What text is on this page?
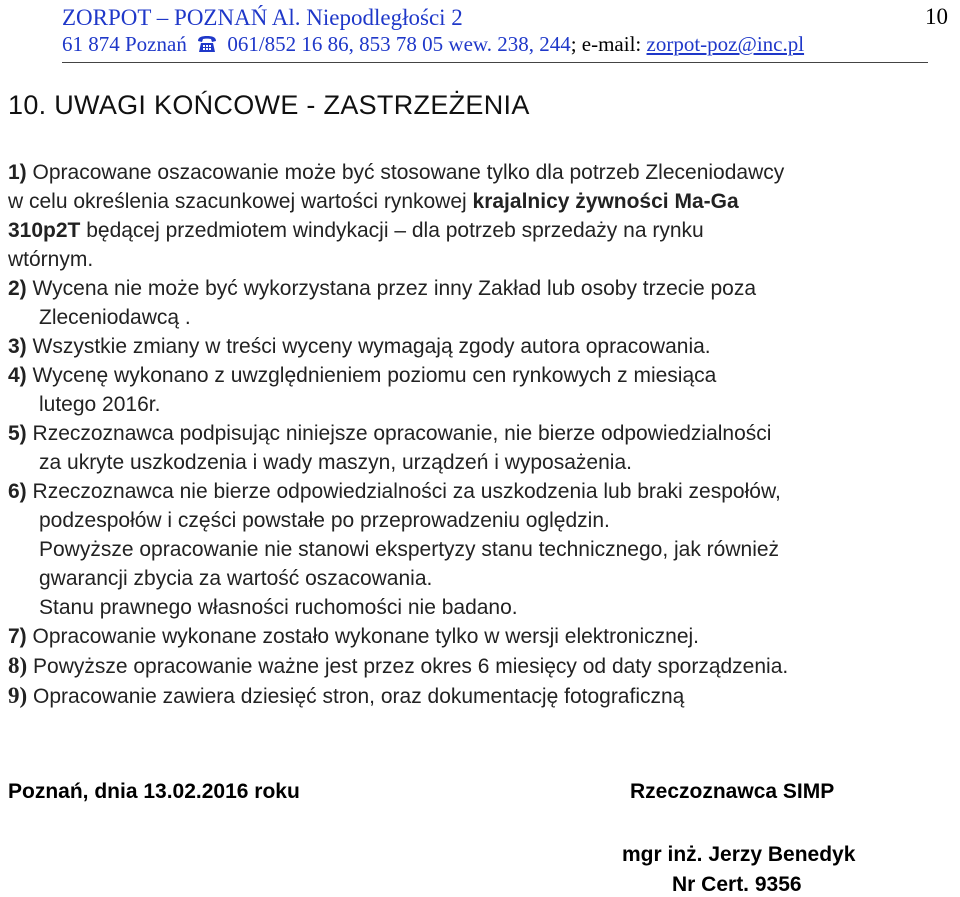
ZORPOT – POZNAŃ Al. Niepodległości 2
61 874 Poznań 061/852 16 86, 853 78 05 wew. 238, 244; e-mail: zorpot-poz@inc.pl
10
10. UWAGI KOŃCOWE - ZASTRZEŻENIA
1) Opracowane oszacowanie może być stosowane tylko dla potrzeb Zleceniodawcy
w celu określenia szacunkowej wartości rynkowej krajalnicy żywności Ma-Ga
310p2T będącej przedmiotem windykacji – dla potrzeb sprzedaży na rynku
wtórnym.
2) Wycena nie może być wykorzystana przez inny Zakład lub osoby trzecie poza
Zleceniodawcą .
3) Wszystkie zmiany w treści wyceny wymagają zgody autora opracowania.
4) Wycenę wykonano z uwzględnieniem poziomu cen rynkowych z miesiąca
lutego 2016r.
5) Rzeczoznawca podpisując niniejsze opracowanie, nie bierze odpowiedzialności
za ukryte uszkodzenia i wady maszyn, urządzeń i wyposażenia.
6) Rzeczoznawca nie bierze odpowiedzialności za uszkodzenia lub braki zespołów,
podzespołów i części powstałe po przeprowadzeniu oględzin.
Powyższe opracowanie nie stanowi ekspertyzy stanu technicznego, jak również
gwarancji zbycia za wartość oszacowania.
Stanu prawnego własności ruchomości nie badano.
7) Opracowanie wykonane zostało wykonane tylko w wersji elektronicznej.
8) Powyższe opracowanie ważne jest przez okres 6 miesięcy od daty sporządzenia.
9) Opracowanie zawiera dziesięć stron, oraz dokumentację fotograficzną
Poznań, dnia 13.02.2016 roku	Rzeczoznawca SIMP
mgr inż. Jerzy Benedyk
Nr Cert. 9356
